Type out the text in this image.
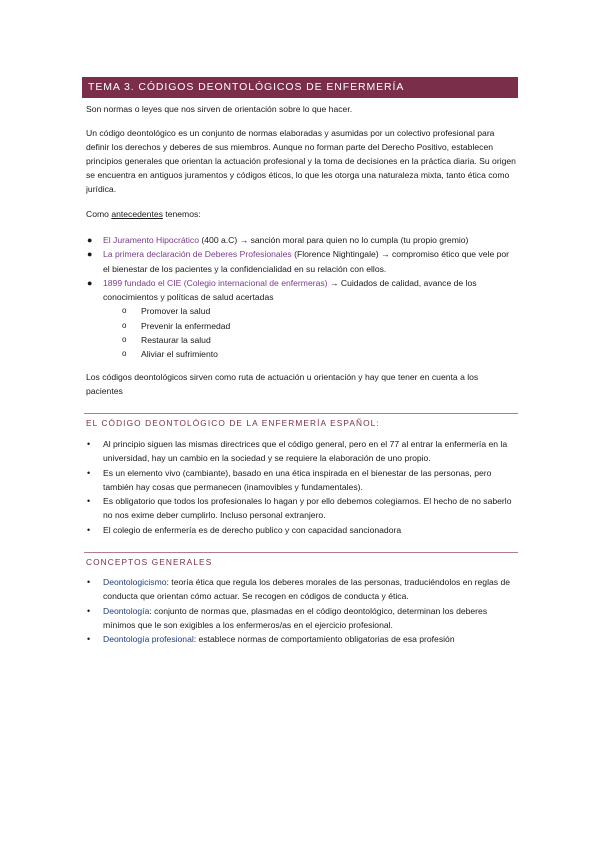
TEMA 3. CÓDIGOS DEONTOLÓGICOS DE ENFERMERÍA
Son normas o leyes que nos sirven de orientación sobre lo que hacer.
Un código deontológico es un conjunto de normas elaboradas y asumidas por un colectivo profesional para definir los derechos y deberes de sus miembros. Aunque no forman parte del Derecho Positivo, establecen principios generales que orientan la actuación profesional y la toma de decisiones en la práctica diaria. Su origen se encuentra en antiguos juramentos y códigos éticos, lo que les otorga una naturaleza mixta, tanto ética como jurídica.
Como antecedentes tenemos:
● El Juramento Hipocrático (400 a.C) → sanción moral para quien no lo cumpla (tu propio gremio)
● La primera declaración de Deberes Profesionales (Florence Nightingale) → compromiso ético que vele por el bienestar de los pacientes y la confidencialidad en su relación con ellos.
● 1899 fundado el CIE (Colegio internacional de enfermeras) → Cuidados de calidad, avance de los conocimientos y políticas de salud acertadas
o Promover la salud
o Prevenir la enfermedad
o Restaurar la salud
o Aliviar el sufrimiento
Los códigos deontológicos sirven como ruta de actuación u orientación y hay que tener en cuenta a los pacientes
EL CÓDIGO DEONTOLÓGICO DE LA ENFERMERÍA ESPAÑOL:
• Al principio siguen las mismas directrices que el código general, pero en el 77 al entrar la enfermería en la universidad, hay un cambio en la sociedad y se requiere la elaboración de uno propio.
• Es un elemento vivo (cambiante), basado en una ética inspirada en el bienestar de las personas, pero también hay cosas que permanecen (inamovibles y fundamentales).
• Es obligatorio que todos los profesionales lo hagan y por ello debemos colegiarnos. El hecho de no saberlo no nos exime deber cumplirlo. Incluso personal extranjero.
• El colegio de enfermería es de derecho publico y con capacidad sancionadora
CONCEPTOS GENERALES
• Deontologicismo: teoría ética que regula los deberes morales de las personas, traduciéndolos en reglas de conducta que orientan cómo actuar. Se recogen en códigos de conducta y ética.
• Deontología: conjunto de normas que, plasmadas en el código deontológico, determinan los deberes mínimos que le son exigibles a los enfermeros/as en el ejercicio profesional.
• Deontología profesional: establece normas de comportamiento obligatorias de esa profesión
